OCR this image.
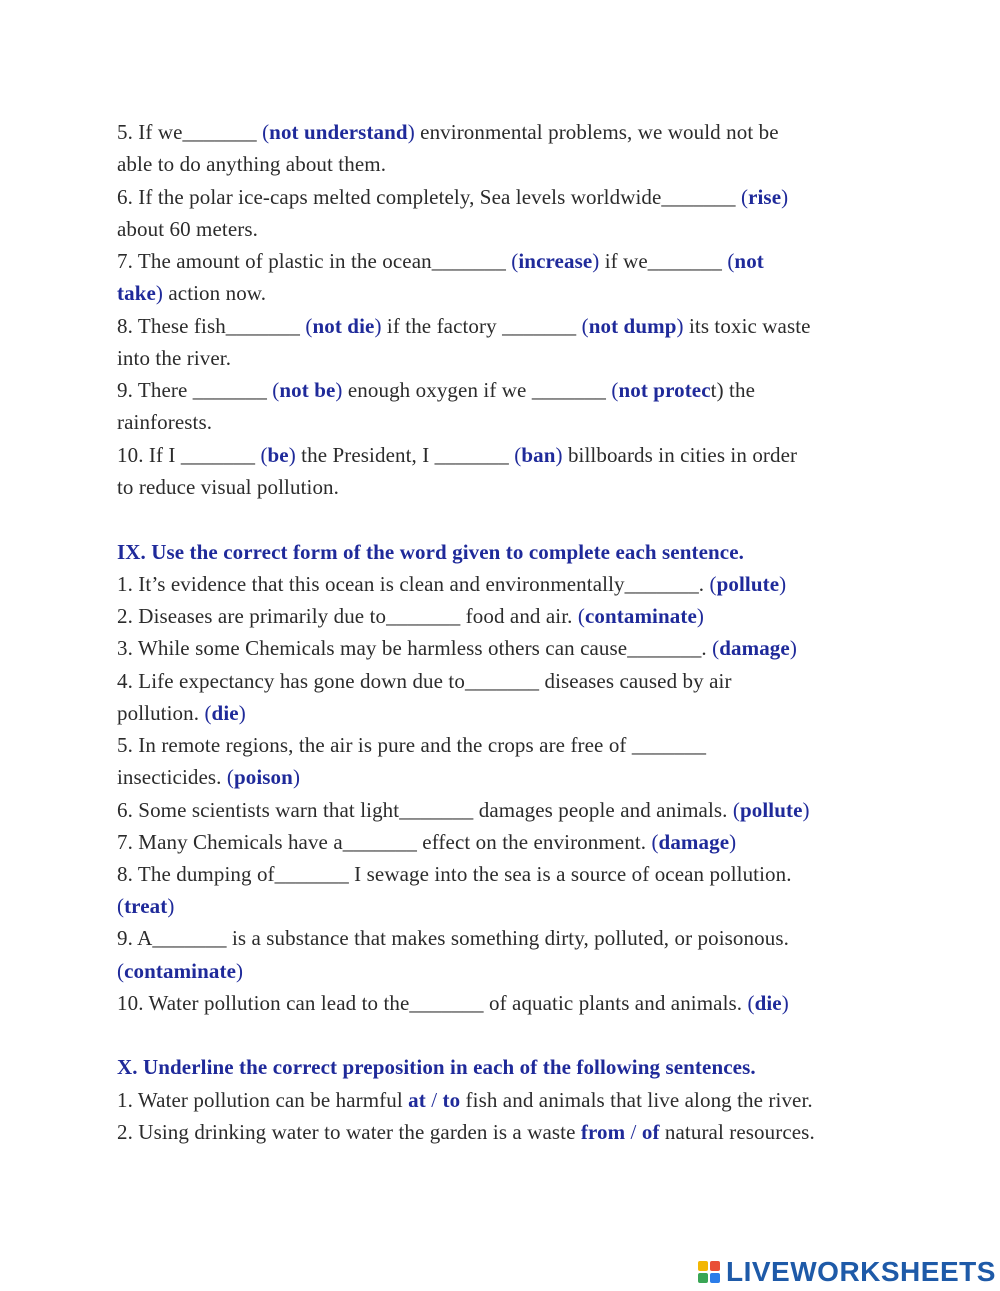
5. If we_______ (not understand) environmental problems, we would not be
able to do anything about them.
6. If the polar ice-caps melted completely, Sea levels worldwide_______ (rise)
about 60 meters.
7. The amount of plastic in the ocean_______ (increase) if we_______ (not
take) action now.
8. These fish_______ (not die) if the factory _______ (not dump) its toxic waste
into the river.
9. There _______ (not be) enough oxygen if we _______ (not protect) the
rainforests.
10. If I _______ (be) the President, I _______ (ban) billboards in cities in order
to reduce visual pollution.
IX. Use the correct form of the word given to complete each sentence.
1. It’s evidence that this ocean is clean and environmentally_______. (pollute)
2. Diseases are primarily due to_______ food and air. (contaminate)
3. While some Chemicals may be harmless others can cause_______. (damage)
4. Life expectancy has gone down due to_______ diseases caused by air
pollution. (die)
5. In remote regions, the air is pure and the crops are free of _______
insecticides. (poison)
6. Some scientists warn that light_______ damages people and animals. (pollute)
7. Many Chemicals have a_______ effect on the environment. (damage)
8. The dumping of_______ I sewage into the sea is a source of ocean pollution.
(treat)
9. A_______ is a substance that makes something dirty, polluted, or poisonous.
(contaminate)
10. Water pollution can lead to the_______ of aquatic plants and animals. (die)
X. Underline the correct preposition in each of the following sentences.
1. Water pollution can be harmful at / to fish and animals that live along the river.
2. Using drinking water to water the garden is a waste from / of natural resources.
LIVEWORKSHEETS
